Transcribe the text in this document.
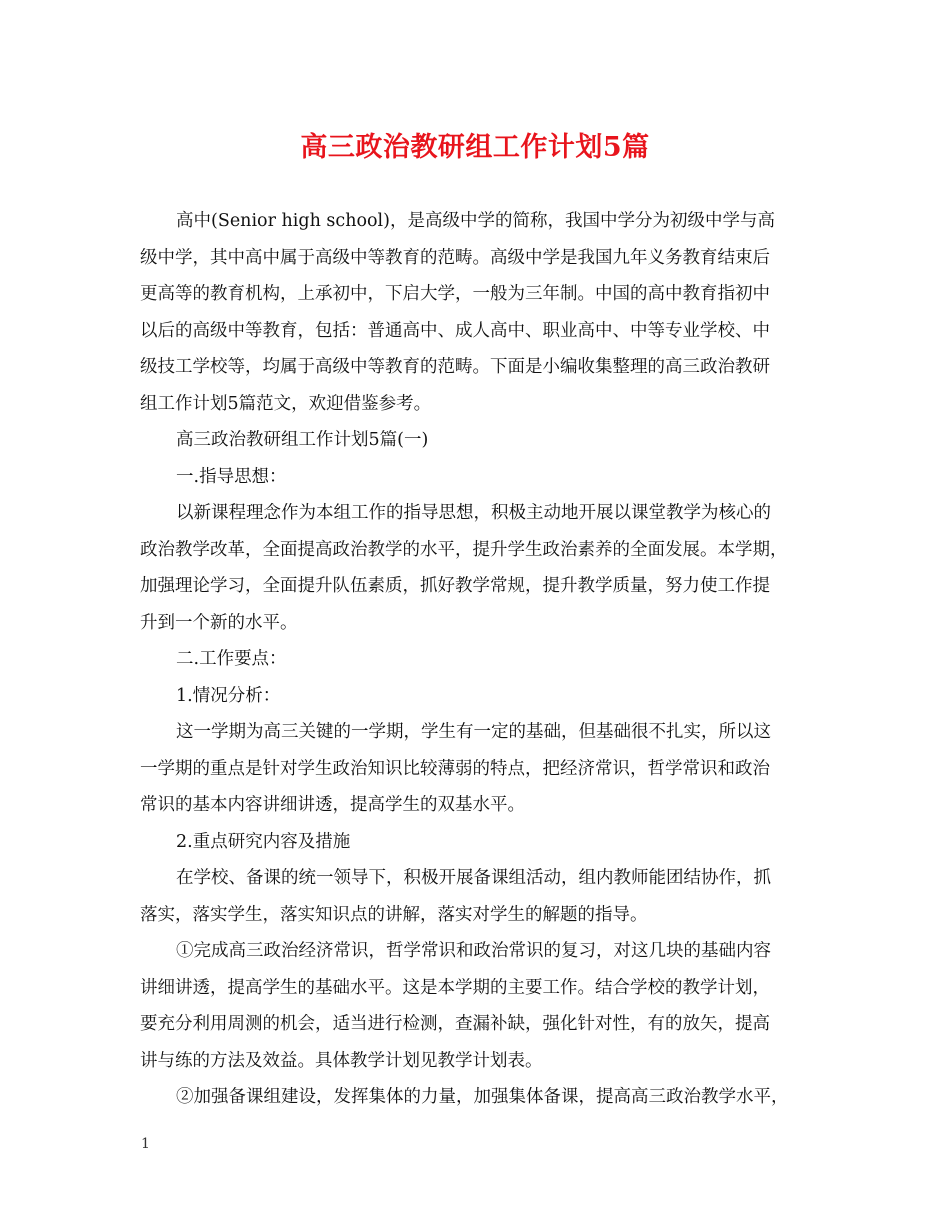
高三政治教研组工作计划5篇
高中(Senior high school)，是高级中学的简称，我国中学分为初级中学与高
级中学，其中高中属于高级中等教育的范畴。高级中学是我国九年义务教育结束后
更高等的教育机构，上承初中，下启大学，一般为三年制。中国的高中教育指初中
以后的高级中等教育，包括：普通高中、成人高中、职业高中、中等专业学校、中
级技工学校等，均属于高级中等教育的范畴。下面是小编收集整理的高三政治教研
组工作计划5篇范文，欢迎借鉴参考。
高三政治教研组工作计划5篇(一)
一.指导思想：
以新课程理念作为本组工作的指导思想，积极主动地开展以课堂教学为核心的
政治教学改革，全面提高政治教学的水平，提升学生政治素养的全面发展。本学期，
加强理论学习，全面提升队伍素质，抓好教学常规，提升教学质量，努力使工作提
升到一个新的水平。
二.工作要点：
1.情况分析：
这一学期为高三关键的一学期，学生有一定的基础，但基础很不扎实，所以这
一学期的重点是针对学生政治知识比较薄弱的特点，把经济常识，哲学常识和政治
常识的基本内容讲细讲透，提高学生的双基水平。
2.重点研究内容及措施
在学校、备课的统一领导下，积极开展备课组活动，组内教师能团结协作，抓
落实，落实学生，落实知识点的讲解，落实对学生的解题的指导。
①完成高三政治经济常识，哲学常识和政治常识的复习，对这几块的基础内容
讲细讲透，提高学生的基础水平。这是本学期的主要工作。结合学校的教学计划，
要充分利用周测的机会，适当进行检测，查漏补缺，强化针对性，有的放矢，提高
讲与练的方法及效益。具体教学计划见教学计划表。
②加强备课组建设，发挥集体的力量，加强集体备课，提高高三政治教学水平，
1
